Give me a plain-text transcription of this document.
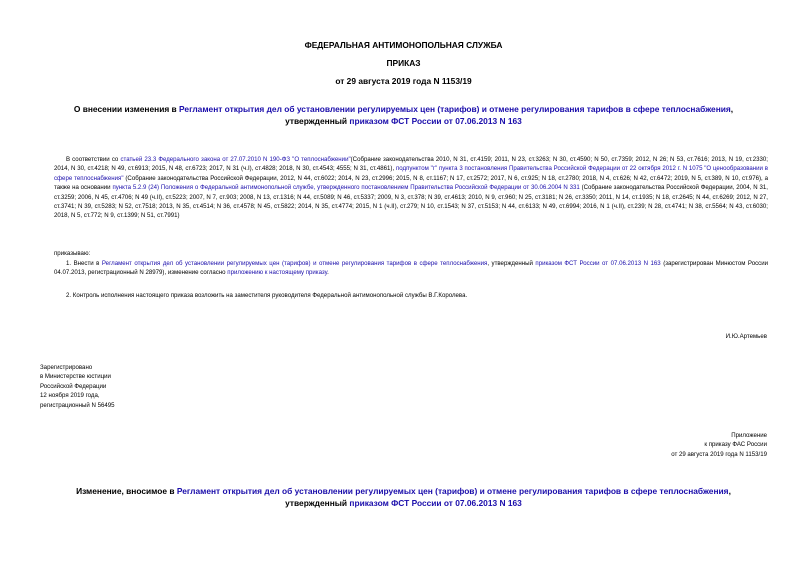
ФЕДЕРАЛЬНАЯ АНТИМОНОПОЛЬНАЯ СЛУЖБА
ПРИКАЗ
от 29 августа 2019 года N 1153/19
О внесении изменения в Регламент открытия дел об установлении регулируемых цен (тарифов) и отмене регулирования тарифов в сфере теплоснабжения,
утвержденный приказом ФСТ России от 07.06.2013 N 163
В соответствии со статьей 23.3 Федерального закона от 27.07.2010 N 190-ФЗ "О теплоснабжении"(Собрание законодательства 2010, N 31, ст.4159; 2011, N 23, ст.3263; N 30, ст.4590; N 50, ст.7359; 2012, N 26; N 53, ст.7616; 2013, N 19, ст.2330; 2014, N 30, ст.4218; N 49, ст.6913; 2015, N 48, ст.6723; 2017, N 31 (ч.I), ст.4828; 2018, N 30, ст.4543; 4555; N 31, ст.4861), подпунктом "г" пункта 3 постановления Правительства Российской Федерации от 22 октября 2012 г. N 1075 "О ценообразовании в сфере теплоснабжения" (Собрание законодательства Российской Федерации, 2012, N 44, ст.6022; 2014, N 23, ст.2996; 2015, N 8, ст.1167; N 17, ст.2572; 2017, N 6, ст.925; N 18, ст.2780; 2018, N 4, ст.626; N 42, ст.6472; 2019, N 5, ст.389, N 10, ст.976), а также на основании пункта 5.2.9 (24) Положения о Федеральной антимонопольной службе, утвержденного постановлением Правительства Российской Федерации от 30.06.2004 N 331 (Собрание законодательства Российской Федерации, 2004, N 31, ст.3259; 2006, N 45, ст.4706; N 49 (ч.II), ст.5223; 2007, N 7, ст.903; 2008, N 13, ст.1316; N 44, ст.5089; N 46, ст.5337; 2009, N 3, ст.378; N 39, ст.4613; 2010, N 9, ст.960; N 25, ст.3181; N 26, ст.3350; 2011, N 14, ст.1935; N 18, ст.2645; N 44, ст.6269; 2012, N 27, ст.3741; N 39, ст.5283; N 52, ст.7518; 2013, N 35, ст.4514; N 36, ст.4578; N 45, ст.5822; 2014, N 35, ст.4774; 2015, N 1 (ч.II), ст.279; N 10, ст.1543; N 37, ст.5153; N 44, ст.6133; N 49, ст.6994; 2016, N 1 (ч.II), ст.239; N 28, ст.4741; N 38, ст.5564; N 43, ст.6030; 2018, N 5, ст.772; N 9, ст.1399; N 51, ст.7991)
приказываю:
1. Внести в Регламент открытия дел об установлении регулируемых цен (тарифов) и отмене регулирования тарифов в сфере теплоснабжения, утвержденный приказом ФСТ России от 07.06.2013 N 163 (зарегистрирован Минюстом России 04.07.2013, регистрационный N 28979), изменение согласно приложению к настоящему приказу.
2. Контроль исполнения настоящего приказа возложить на заместителя руководителя Федеральной антимонопольной службы В.Г.Королева.
И.Ю.Артемьев
Зарегистрировано
в Министерстве юстиции
Российской Федерации
12 ноября 2019 года,
регистрационный N 56495
Приложение
к приказу ФАС России
от 29 августа 2019 года N 1153/19
Изменение, вносимое в Регламент открытия дел об установлении регулируемых цен (тарифов) и отмене регулирования тарифов в сфере теплоснабжения,
утвержденный приказом ФСТ России от 07.06.2013 N 163
